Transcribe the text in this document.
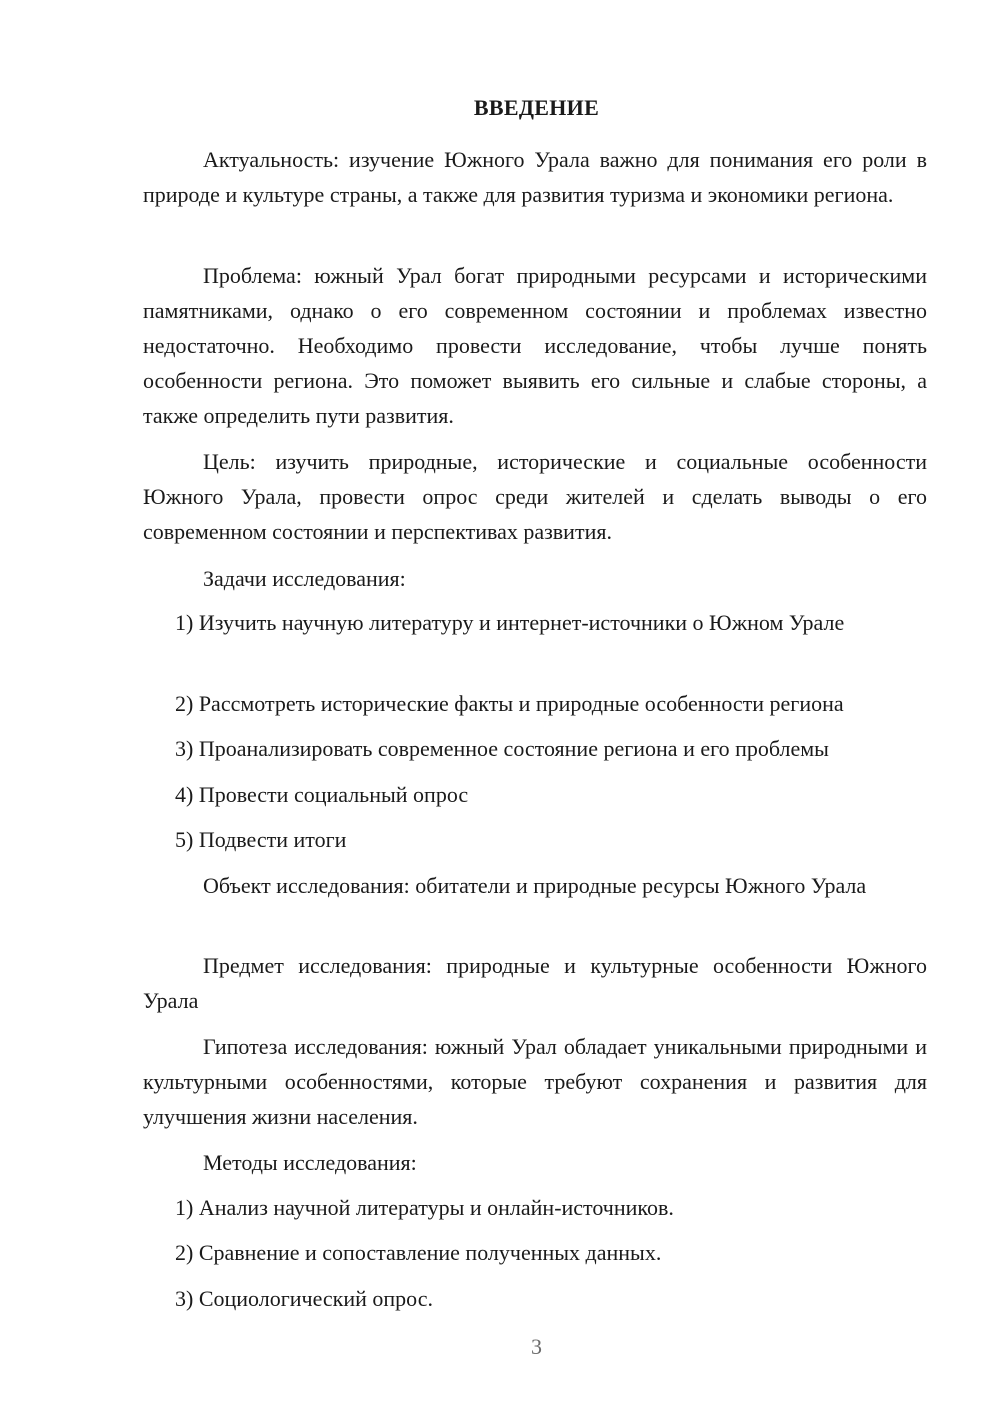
ВВЕДЕНИЕ

Актуальность: изучение Южного Урала важно для понимания его роли в природе и культуре страны, а также для развития туризма и экономики региона.

Проблема: южный Урал богат природными ресурсами и историческими памятниками, однако о его современном состоянии и проблемах известно недостаточно. Необходимо провести исследование, чтобы лучше понять особенности региона. Это поможет выявить его сильные и слабые стороны, а также определить пути развития.

Цель: изучить природные, исторические и социальные особенности Южного Урала, провести опрос среди жителей и сделать выводы о его современном состоянии и перспективах развития.

Задачи исследования:

1) Изучить научную литературу и интернет-источники о Южном Урале

2) Рассмотреть исторические факты и природные особенности региона

3) Проанализировать современное состояние региона и его проблемы

4) Провести социальный опрос

5) Подвести итоги

Объект исследования: обитатели и природные ресурсы Южного Урала

Предмет исследования: природные и культурные особенности Южного Урала

Гипотеза исследования: южный Урал обладает уникальными природными и культурными особенностями, которые требуют сохранения и развития для улучшения жизни населения.

Методы исследования:

1) Анализ научной литературы и онлайн-источников.

2) Сравнение и сопоставление полученных данных.

3) Социологический опрос.

3
